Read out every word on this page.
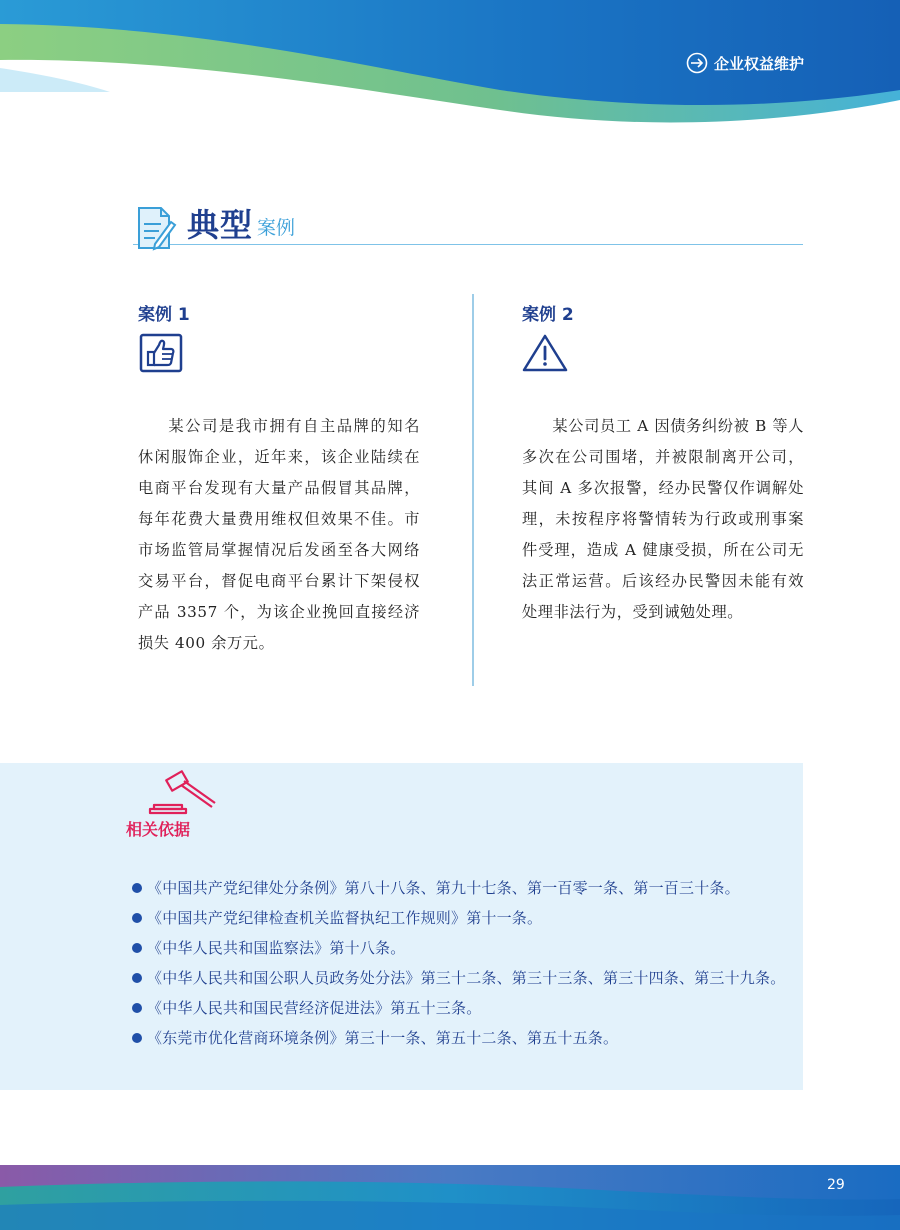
企业权益维护
典型 案例
案例 1
某公司是我市拥有自主品牌的知名休闲服饰企业，近年来，该企业陆续在电商平台发现有大量产品假冒其品牌，每年花费大量费用维权但效果不佳。市市场监管局掌握情况后发函至各大网络交易平台，督促电商平台累计下架侵权产品 3357 个，为该企业挽回直接经济损失 400 余万元。
案例 2
某公司员工 A 因债务纠纷被 B 等人多次在公司围堵，并被限制离开公司，其间 A 多次报警，经办民警仅作调解处理，未按程序将警情转为行政或刑事案件受理，造成 A 健康受损，所在公司无法正常运营。后该经办民警因未能有效处理非法行为，受到诫勉处理。
相关依据
《中国共产党纪律处分条例》第八十八条、第九十七条、第一百零一条、第一百三十条。
《中国共产党纪律检查机关监督执纪工作规则》第十一条。
《中华人民共和国监察法》第十八条。
《中华人民共和国公职人员政务处分法》第三十二条、第三十三条、第三十四条、第三十九条。
《中华人民共和国民营经济促进法》第五十三条。
《东莞市优化营商环境条例》第三十一条、第五十二条、第五十五条。
29
